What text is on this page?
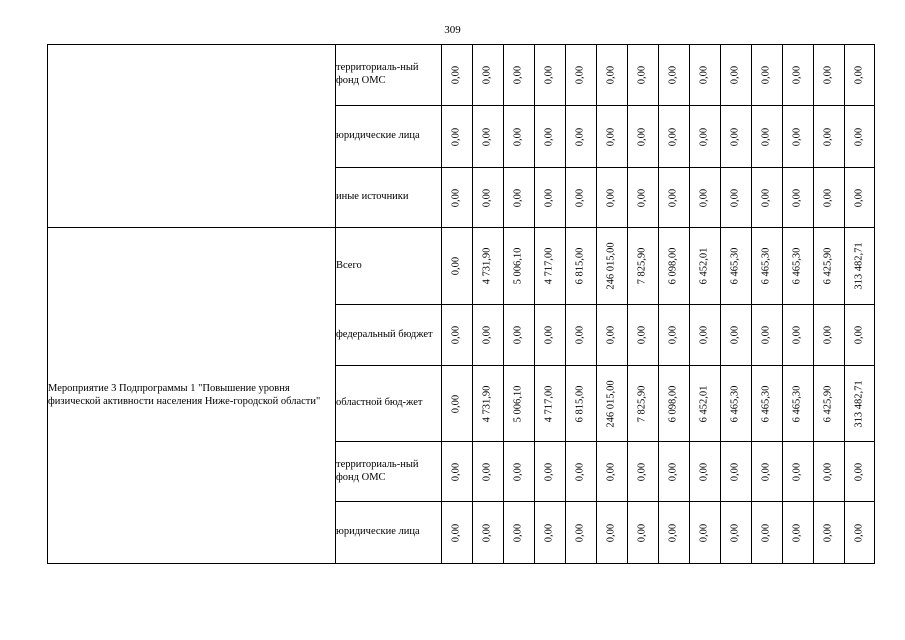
309
	территориаль-ный фонд ОМС	0,00	0,00	0,00	0,00	0,00	0,00	0,00	0,00	0,00	0,00	0,00	0,00	0,00	0,00

	юридические лица	0,00	0,00	0,00	0,00	0,00	0,00	0,00	0,00	0,00	0,00	0,00	0,00	0,00	0,00

	иные источники	0,00	0,00	0,00	0,00	0,00	0,00	0,00	0,00	0,00	0,00	0,00	0,00	0,00	0,00

Мероприятие 3 Подпрограммы 1 "Повышение уровня физической активности населения Ниже-городской области"	Всего	0,00	4 731,90	5 006,10	4 717,00	6 815,00	246 015,00	7 825,90	6 098,00	6 452,01	6 465,30	6 465,30	6 465,30	6 425,90	313 482,71

	федеральный бюджет	0,00	0,00	0,00	0,00	0,00	0,00	0,00	0,00	0,00	0,00	0,00	0,00	0,00	0,00

	областной бюд-жет	0,00	4 731,90	5 006,10	4 717,00	6 815,00	246 015,00	7 825,90	6 098,00	6 452,01	6 465,30	6 465,30	6 465,30	6 425,90	313 482,71

	территориаль-ный фонд ОМС	0,00	0,00	0,00	0,00	0,00	0,00	0,00	0,00	0,00	0,00	0,00	0,00	0,00	0,00

	юридические лица	0,00	0,00	0,00	0,00	0,00	0,00	0,00	0,00	0,00	0,00	0,00	0,00	0,00	0,00
